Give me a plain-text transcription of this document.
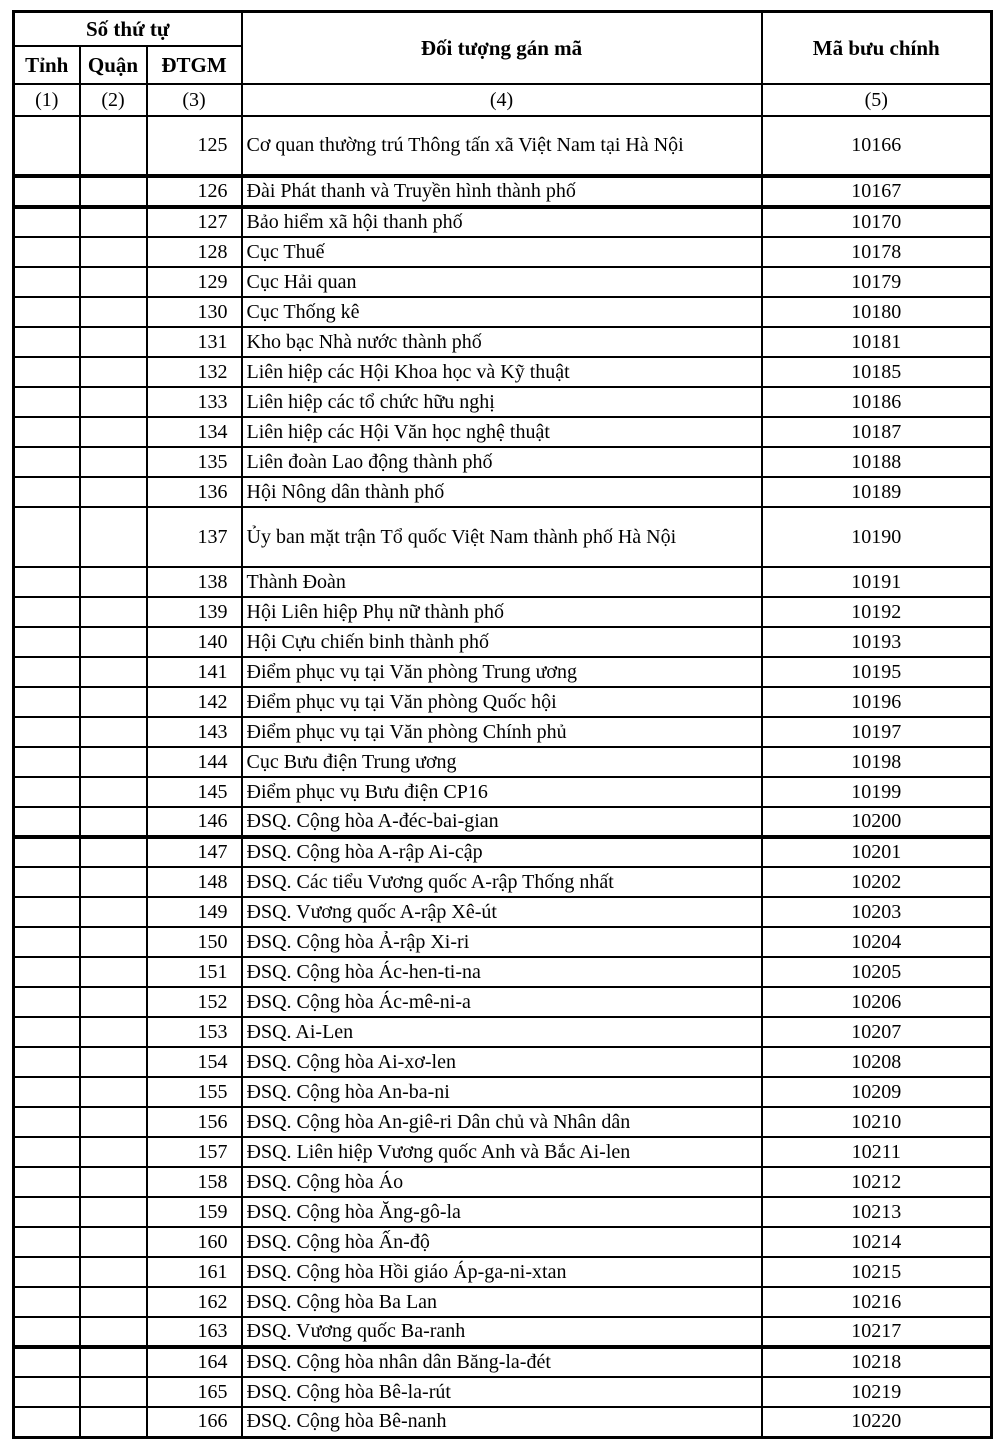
Số thứ tự			Đối tượng gán mã	Mã bưu chính
Tỉnh	Quận	ĐTGM		
(1)	(2)	(3)	(4)	(5)
		125	Cơ quan thường trú Thông tấn xã Việt Nam tại Hà Nội	10166
		126	Đài Phát thanh và Truyền hình thành phố	10167
		127	Bảo hiểm xã hội thanh phố	10170
		128	Cục Thuế	10178
		129	Cục Hải quan	10179
		130	Cục Thống kê	10180
		131	Kho bạc Nhà nước thành phố	10181
		132	Liên hiệp các Hội Khoa học và Kỹ thuật	10185
		133	Liên hiệp các tổ chức hữu nghị	10186
		134	Liên hiệp các Hội Văn học nghệ thuật	10187
		135	Liên đoàn Lao động thành phố	10188
		136	Hội Nông dân thành phố	10189
		137	Ủy ban mặt trận Tổ quốc Việt Nam thành phố Hà Nội	10190
		138	Thành Đoàn	10191
		139	Hội Liên hiệp Phụ nữ thành phố	10192
		140	Hội Cựu chiến binh thành phố	10193
		141	Điểm phục vụ tại Văn phòng Trung ương	10195
		142	Điểm phục vụ tại Văn phòng Quốc hội	10196
		143	Điểm phục vụ tại Văn phòng Chính phủ	10197
		144	Cục Bưu điện Trung ương	10198
		145	Điểm phục vụ Bưu điện CP16	10199
		146	ĐSQ. Cộng hòa A-đéc-bai-gian	10200
		147	ĐSQ. Cộng hòa A-rập Ai-cập	10201
		148	ĐSQ. Các tiểu Vương quốc A-rập Thống nhất	10202
		149	ĐSQ. Vương quốc A-rập Xê-út	10203
		150	ĐSQ. Cộng hòa Ả-rập Xi-ri	10204
		151	ĐSQ. Cộng hòa Ác-hen-ti-na	10205
		152	ĐSQ. Cộng hòa Ác-mê-ni-a	10206
		153	ĐSQ. Ai-Len	10207
		154	ĐSQ. Cộng hòa Ai-xơ-len	10208
		155	ĐSQ. Cộng hòa An-ba-ni	10209
		156	ĐSQ. Cộng hòa An-giê-ri Dân chủ và Nhân dân	10210
		157	ĐSQ. Liên hiệp Vương quốc Anh và Bắc Ai-len	10211
		158	ĐSQ. Cộng hòa Áo	10212
		159	ĐSQ. Cộng hòa Ăng-gô-la	10213
		160	ĐSQ. Cộng hòa Ấn-độ	10214
		161	ĐSQ. Cộng hòa Hồi giáo Áp-ga-ni-xtan	10215
		162	ĐSQ. Cộng hòa Ba Lan	10216
		163	ĐSQ. Vương quốc Ba-ranh	10217
		164	ĐSQ. Cộng hòa nhân dân Băng-la-đét	10218
		165	ĐSQ. Cộng hòa Bê-la-rút	10219
		166	ĐSQ. Cộng hòa Bê-nanh	10220
